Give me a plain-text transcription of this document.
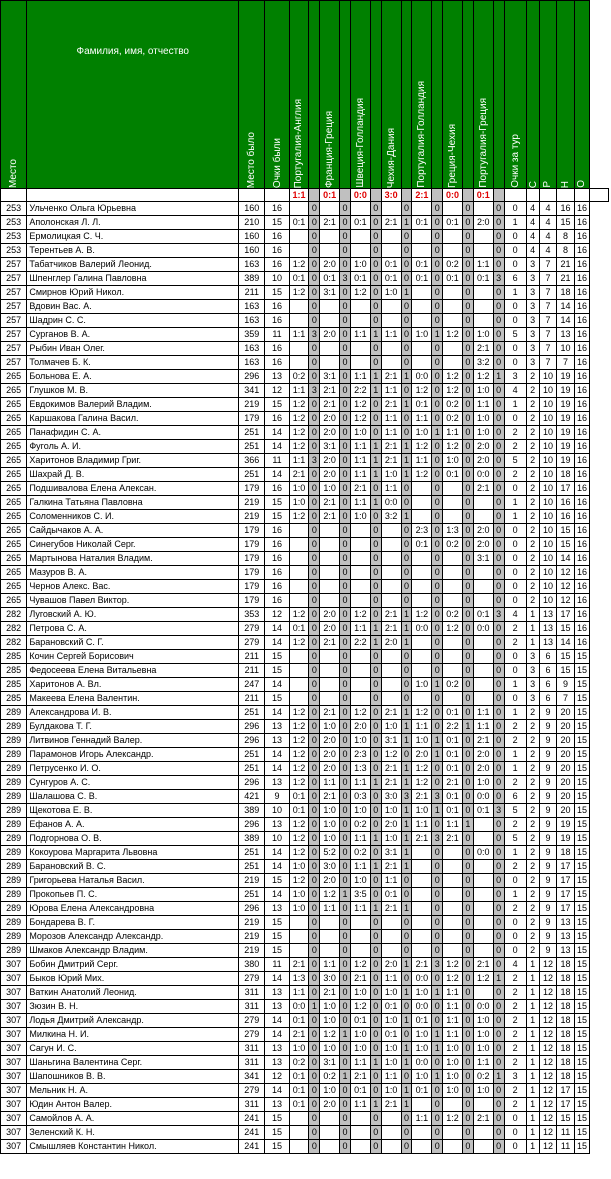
Место	Фамилия, имя, отчество	Место было	Очки были	Португалия-Англия		Франция-Греция		Швеция-Голландия		Чехия-Дания		Португалия-Голландия		Греция-Чехия		Португалия-Греция		Очки за тур	С	Р	Н	О	

				1:1		0:1		0:0		3:0		2:1		0:0		0:1							
253	Ульченко Ольга Юрьевна	160	16		0		0		0		0		0		0		0	0	4	4	16	16	
253	Аполонская Л. Л.	210	15	0:1	0	2:1	0	0:1	0	2:1	1	0:1	0	0:1	0	2:0	0	1	4	4	15	16	
253	Ермолицкая С. Ч.	160	16		0		0		0		0		0		0		0	0	4	4	8	16	
253	Терентьев А. В.	160	16		0		0		0		0		0		0		0	0	4	4	8	16	
257	Табатчиков Валерий Леонид.	163	16	1:2	0	2:0	0	1:0	0	0:1	0	0:1	0	0:2	0	1:1	0	0	3	7	21	16	
257	Шпенглер Галина Павловна	389	10	0:1	0	0:1	3	0:1	0	0:1	0	0:1	0	0:1	0	0:1	3	6	3	7	21	16	
257	Смирнов Юрий Никол.	211	15	1:2	0	3:1	0	1:2	0	1:0	1		0		0		0	1	3	7	18	16	
257	Вдовин Вас. А.	163	16		0		0		0		0		0		0		0	0	3	7	14	16	
257	Шадрин С. С.	163	16		0		0		0		0		0		0		0	0	3	7	14	16	
257	Сурганов В. А.	359	11	1:1	3	2:0	0	1:1	1	1:1	0	1:0	1	1:2	0	1:0	0	5	3	7	13	16	
257	Рыбин Иван Олег.	163	16		0		0		0		0		0		0	2:1	0	0	3	7	10	16	
257	Толмачев Б. К.	163	16		0		0		0		0		0		0	3:2	0	0	3	7	7	16	
265	Больнова Е. А.	296	13	0:2	0	3:1	0	1:1	1	2:1	1	0:0	0	1:2	0	1:2	1	3	2	10	19	16	
265	Глушков М. В.	341	12	1:1	3	2:1	0	2:2	1	1:1	0	1:2	0	1:2	0	1:0	0	4	2	10	19	16	
265	Евдокимов Валерий Владим.	219	15	1:2	0	2:1	0	1:2	0	2:1	1	0:1	0	0:2	0	1:1	0	1	2	10	19	16	
265	Каршакова Галина Васил.	179	16	1:2	0	2:0	0	1:2	0	1:1	0	1:1	0	0:2	0	1:0	0	0	2	10	19	16	
265	Панафидин С. А.	251	14	1:2	0	2:0	0	1:0	0	1:1	0	1:0	1	1:1	0	1:0	0	2	2	10	19	16	
265	Фуголь А. И.	251	14	1:2	0	3:1	0	1:1	1	2:1	1	1:2	0	1:2	0	2:0	0	2	2	10	19	16	
265	Харитонов Владимир Григ.	366	11	1:1	3	2:0	0	1:1	1	2:1	1	1:1	0	1:0	0	2:0	0	5	2	10	19	16	
265	Шахрай Д. В.	251	14	2:1	0	2:0	0	1:1	1	1:0	1	1:2	0	0:1	0	0:0	0	2	2	10	18	16	
265	Подшивалова Елена Алексан.	179	16	1:0	0	1:0	0	2:1	0	1:1	0		0		0	2:1	0	0	2	10	17	16	
265	Галкина Татьяна Павловна	219	15	1:0	0	2:1	0	1:1	1	0:0	0		0		0		0	1	2	10	16	16	
265	Соломенников С. И.	219	15	1:2	0	2:1	0	1:0	0	3:2	1		0		0		0	1	2	10	16	16	
265	Сайдычаков А. А.	179	16		0		0		0		0	2:3	0	1:3	0	2:0	0	0	2	10	15	16	
265	Синегубов Николай Серг.	179	16		0		0		0		0	0:1	0	0:2	0	2:0	0	0	2	10	15	16	
265	Мартынова Наталия Владим.	179	16		0		0		0		0		0		0	3:1	0	0	2	10	14	16	
265	Мазуров В. А.	179	16		0		0		0		0		0		0		0	0	2	10	12	16	
265	Чернов Алекс. Вас.	179	16		0		0		0		0		0		0		0	0	2	10	12	16	
265	Чувашов Павел Виктор.	179	16		0		0		0		0		0		0		0	0	2	10	12	16	
282	Луговский А. Ю.	353	12	1:2	0	2:0	0	1:2	0	2:1	1	1:2	0	0:2	0	0:1	3	4	1	13	17	16	
282	Петрова С. А.	279	14	0:1	0	2:0	0	1:1	1	2:1	1	0:0	0	1:2	0	0:0	0	2	1	13	15	16	
282	Барановский С. Г.	279	14	1:2	0	2:1	0	2:2	1	2:0	1		0		0		0	2	1	13	14	16	
285	Кочин Сергей Борисович	211	15		0		0		0		0		0		0		0	0	3	6	15	15	
285	Федосеева Елена Витальевна	211	15		0		0		0		0		0		0		0	0	3	6	15	15	
285	Харитонов А. Вл.	247	14		0		0		0		0	1:0	1	0:2	0		0	1	3	6	9	15	
285	Макеева Елена Валентин.	211	15		0		0		0		0		0		0		0	0	3	6	7	15	
289	Александрова И. В.	251	14	1:2	0	2:1	0	1:2	0	2:1	1	1:2	0	0:1	0	1:1	0	1	2	9	20	15	
289	Булдакова Т. Г.	296	13	1:2	0	1:0	0	2:0	0	1:0	1	1:1	0	2:2	1	1:1	0	2	2	9	20	15	
289	Литвинов Геннадий Валер.	296	13	1:2	0	2:0	0	1:0	0	3:1	1	1:0	1	0:1	0	2:1	0	2	2	9	20	15	
289	Парамонов Игорь Александр.	251	14	1:2	0	2:0	0	2:3	0	1:2	0	2:0	1	0:1	0	2:0	0	1	2	9	20	15	
289	Петрусенко И. О.	251	14	1:2	0	2:0	0	1:3	0	2:1	1	1:2	0	0:1	0	2:0	0	1	2	9	20	15	
289	Сунгуров А. С.	296	13	1:2	0	1:1	0	1:1	1	2:1	1	1:2	0	2:1	0	1:0	0	2	2	9	20	15	
289	Шалашова С. В.	421	9	0:1	0	2:1	0	0:3	0	3:0	3	2:1	3	0:1	0	0:0	0	6	2	9	20	15	
289	Щекотова Е. В.	389	10	0:1	0	1:0	0	1:0	0	1:0	1	1:0	1	0:1	0	0:1	3	5	2	9	20	15	
289	Ефанов А. А.	296	13	1:2	0	1:0	0	0:2	0	2:0	1	1:1	0	1:1	1		0	2	2	9	19	15	
289	Подгорнова О. В.	389	10	1:2	0	1:0	0	1:1	1	1:0	1	2:1	3	2:1	0		0	5	2	9	19	15	
289	Кокоурова Маргарита Львовна	251	14	1:2	0	5:2	0	0:2	0	3:1	1		0		0	0:0	0	1	2	9	18	15	
289	Барановский В. С.	251	14	1:0	0	3:0	0	1:1	1	2:1	1		0		0		0	2	2	9	17	15	
289	Григорьева Наталья Васил.	219	15	1:2	0	2:0	0	1:0	0	1:1	0		0		0		0	0	2	9	17	15	
289	Прокопьев П. С.	251	14	1:0	0	1:2	1	3:5	0	0:1	0		0		0		0	1	2	9	17	15	
289	Юрова Елена Александровна	296	13	1:0	0	1:1	0	1:1	1	2:1	1		0		0		0	2	2	9	17	15	
289	Бондарева В. Г.	219	15		0		0		0		0		0		0		0	0	2	9	13	15	
289	Морозов Александр Александр.	219	15		0		0		0		0		0		0		0	0	2	9	13	15	
289	Шмаков Александр Владим.	219	15		0		0		0		0		0		0		0	0	2	9	13	15	
307	Бобин Дмитрий Серг.	380	11	2:1	0	1:1	0	1:2	0	2:0	1	2:1	3	1:2	0	2:1	0	4	1	12	18	15	
307	Быков Юрий Мих.	279	14	1:3	0	3:0	0	2:1	0	1:1	0	0:0	0	1:2	0	1:2	1	2	1	12	18	15	
307	Ваткин Анатолий Леонид.	311	13	1:1	0	2:1	0	1:0	0	1:0	1	1:0	1	1:1	0		0	2	1	12	18	15	
307	Зюзин В. Н.	311	13	0:0	1	1:0	0	1:2	0	0:1	0	0:0	0	1:1	0	0:0	0	2	1	12	18	15	
307	Лодья Дмитрий Александр.	279	14	0:1	0	1:0	0	0:1	0	1:0	1	0:1	0	1:1	0	1:0	0	2	1	12	18	15	
307	Милкина Н. И.	279	14	2:1	0	1:2	1	1:0	0	0:1	0	1:0	1	1:1	0	1:0	0	2	1	12	18	15	
307	Сагун И. С.	311	13	1:0	0	1:0	0	1:0	0	1:0	1	1:0	1	1:0	0	1:0	0	2	1	12	18	15	
307	Шаньгина Валентина Серг.	311	13	0:2	0	3:1	0	1:1	1	1:0	1	0:0	0	1:0	0	1:1	0	2	1	12	18	15	
307	Шапошников В. В.	341	12	0:1	0	0:2	1	2:1	0	1:1	0	1:0	1	1:0	0	0:2	1	3	1	12	18	15	
307	Мельник Н. А.	279	14	0:1	0	1:0	0	0:1	0	1:0	1	0:1	0	1:0	0	1:0	0	2	1	12	17	15	
307	Юдин Антон Валер.	311	13	0:1	0	2:0	0	1:1	1	2:1	1		0		0		0	2	1	12	17	15	
307	Самойлов А. А.	241	15		0		0		0		0	1:1	0	1:2	0	2:1	0	0	1	12	15	15	
307	Зеленский К. Н.	241	15		0		0		0		0		0		0		0	0	1	12	11	15	
307	Смышляев Константин Никол.	241	15		0		0		0		0		0		0		0	0	1	12	11	15	
